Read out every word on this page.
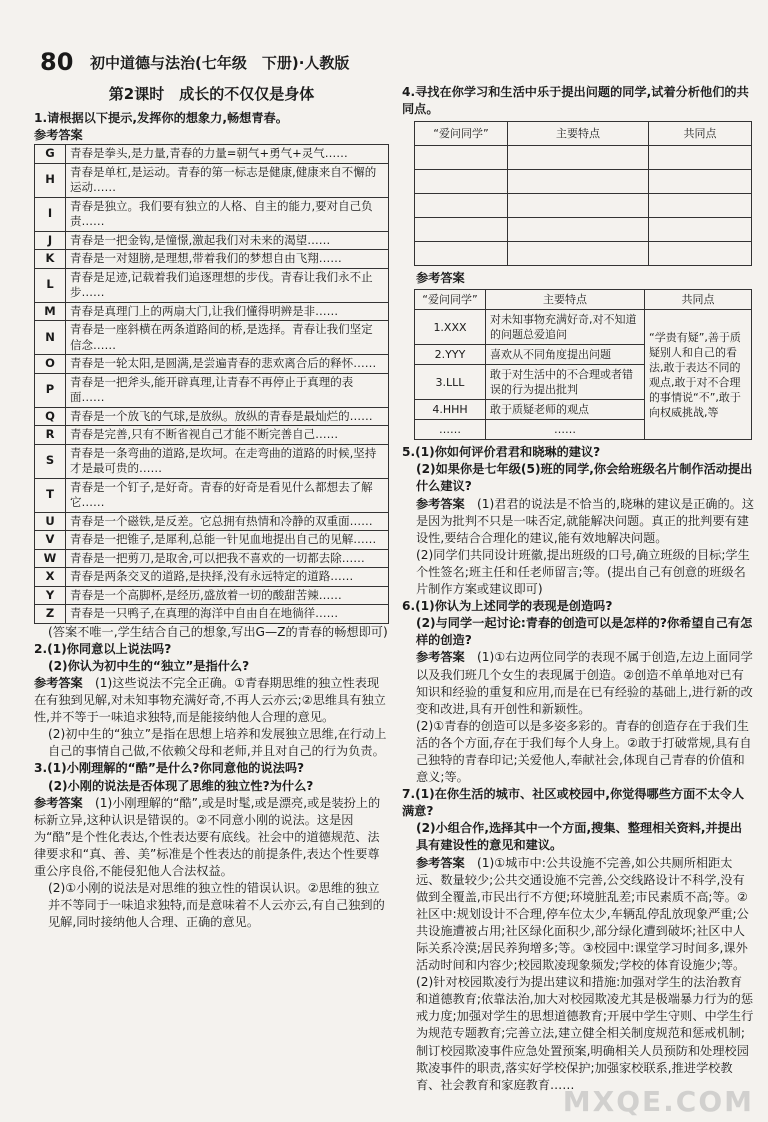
80 初中道德与法治(七年级　下册)·人教版
第2课时　成长的不仅仅是身体
1.请根据以下提示,发挥你的想象力,畅想青春。
参考答案
G	青春是拳头,是力量,青春的力量=朝气+勇气+灵气……
H	青春是单杠,是运动。青春的第一标志是健康,健康来自不懈的运动……
I	青春是独立。我们要有独立的人格、自主的能力,要对自己负责……
J	青春是一把金钩,是憧憬,激起我们对未来的渴望……
K	青春是一对翅膀,是理想,带着我们的梦想自由飞翔……
L	青春是足迹,记载着我们追逐理想的步伐。青春让我们永不止步……
M	青春是真理门上的两扇大门,让我们懂得明辨是非……
N	青春是一座斜横在两条道路间的桥,是选择。青春让我们坚定信念……
O	青春是一轮太阳,是圆满,是尝遍青春的悲欢离合后的释怀……
P	青春是一把斧头,能开辟真理,让青春不再停止于真理的表面……
Q	青春是一个放飞的气球,是放纵。放纵的青春是最灿烂的……
R	青春是完善,只有不断省视自己才能不断完善自己……
S	青春是一条弯曲的道路,是坎坷。在走弯曲的道路的时候,坚持才是最可贵的……
T	青春是一个钉子,是好奇。青春的好奇是看见什么都想去了解它……
U	青春是一个磁铁,是反差。它总拥有热情和冷静的双重面……
V	青春是一把锥子,是犀利,总能一针见血地提出自己的见解……
W	青春是一把剪刀,是取舍,可以把我不喜欢的一切都去除……
X	青春是两条交叉的道路,是抉择,没有永远特定的道路……
Y	青春是一个高脚杯,是经历,盛放着一切的酸甜苦辣……
Z	青春是一只鸭子,在真理的海洋中自由自在地徜徉……
(答案不唯一,学生结合自己的想象,写出G—Z的青春的畅想即可)
2.(1)你同意以上说法吗?
(2)你认为初中生的“独立”是指什么?
参考答案　 (1)这些说法不完全正确。①青春期思维的独立性表现在有独到见解,对未知事物充满好奇,不再人云亦云;②思维具有独立性,并不等于一味追求独特,而是能接纳他人合理的意见。
(2)初中生的“独立”是指在思想上培养和发展独立思维,在行动上自己的事情自己做,不依赖父母和老师,并且对自己的行为负责。
3.(1)小刚理解的“酷”是什么?你同意他的说法吗?
(2)小刚的说法是否体现了思维的独立性?为什么?
参考答案　 (1)小刚理解的“酷”,或是时髦,或是漂亮,或是装扮上的标新立异,这种认识是错误的。②不同意小刚的说法。这是因为“酷”是个性化表达,个性表达要有底线。社会中的道德规范、法律要求和“真、善、美”标准是个性表达的前提条件,表达个性要尊重公序良俗,不能侵犯他人合法权益。
(2)①小刚的说法是对思维的独立性的错误认识。②思维的独立并不等同于一味追求独特,而是意味着不人云亦云,有自己独到的见解,同时接纳他人合理、正确的意见。
4.寻找在你学习和生活中乐于提出问题的同学,试着分析他们的共同点。
“爱问同学”	主要特点	共同点

参考答案
“爱问同学”	主要特点	共同点
1.XXX	对未知事物充满好奇,对不知道的问题总爱追问	“学贵有疑”,善于质疑别人和自己的看法,敢于表达不同的观点,敢于对不合理的事情说“不”,敢于向权威挑战,等
2.YYY	喜欢从不同角度提出问题	
3.LLL	敢于对生活中的不合理或者错误的行为提出批判	
4.HHH	敢于质疑老师的观点	
……	……	
5.(1)你如何评价君君和晓琳的建议?
(2)如果你是七年级(5)班的同学,你会给班级名片制作活动提出什么建议?
参考答案　 (1)君君的说法是不恰当的,晓琳的建议是正确的。这是因为批判不只是一味否定,就能解决问题。真正的批判要有建设性,要结合合理化的建议,能有效地解决问题。
(2)同学们共同设计班徽,提出班级的口号,确立班级的目标;学生个性签名;班主任和任老师留言;等。(提出自己有创意的班级名片制作方案或建议即可)
6.(1)你认为上述同学的表现是创造吗?
(2)与同学一起讨论:青春的创造可以是怎样的?你希望自己有怎样的创造?
参考答案　 (1)①右边两位同学的表现不属于创造,左边上面同学以及我们班几个女生的表现属于创造。②创造不单单地对已有知识和经验的重复和应用,而是在已有经验的基础上,进行新的改变和改进,具有开创性和新颖性。
(2)①青春的创造可以是多姿多彩的。青春的创造存在于我们生活的各个方面,存在于我们每个人身上。②敢于打破常规,具有自己独特的青春印记;关爱他人,奉献社会,体现自己青春的价值和意义;等。
7.(1)在你生活的城市、社区或校园中,你觉得哪些方面不太令人满意?
(2)小组合作,选择其中一个方面,搜集、整理相关资料,并提出具有建设性的意见和建议。
参考答案　 (1)①城市中:公共设施不完善,如公共厕所相距太远、数量较少;公共交通设施不完善,公交线路设计不科学,没有做到全覆盖,市民出行不方便;环境脏乱差;市民素质不高;等。②社区中:规划设计不合理,停车位太少,车辆乱停乱放现象严重;公共设施遭被占用;社区绿化面积少,部分绿化遭到破坏;社区中人际关系冷漠;居民养狗增多;等。③校园中:课堂学习时间多,课外活动时间和内容少;校园欺凌现象频发;学校的体育设施少;等。
(2)针对校园欺凌行为提出建议和措施:加强对学生的法治教育和道德教育;依靠法治,加大对校园欺凌尤其是极端暴力行为的惩戒力度;加强对学生的思想道德教育;开展中学生守则、中学生行为规范专题教育;完善立法,建立健全相关制度规范和惩戒机制;制订校园欺凌事件应急处置预案,明确相关人员预防和处理校园欺凌事件的职责,落实好学校保护;加强家校联系,推进学校教育、社会教育和家庭教育……
MXQE.COM
